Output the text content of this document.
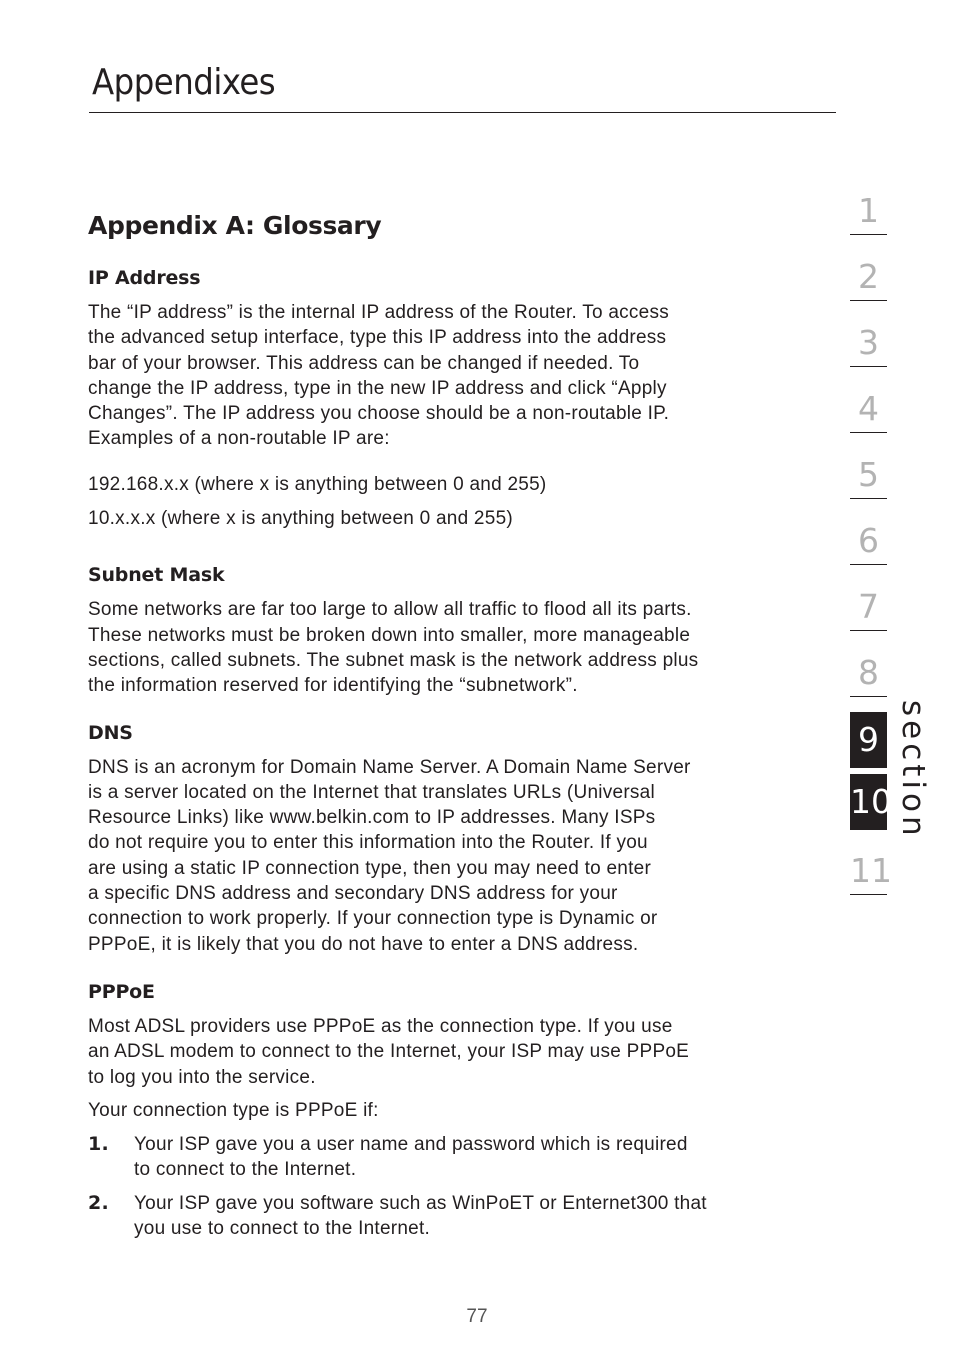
Appendixes
Appendix A: Glossary
IP Address

The “IP address” is the internal IP address of the Router. To access

the advanced setup interface, type this IP address into the address

bar of your browser. This address can be changed if needed. To

change the IP address, type in the new IP address and click “Apply

Changes”. The IP address you choose should be a non-routable IP.

Examples of a non-routable IP are:

192.168.x.x (where x is anything between 0 and 255)

10.x.x.x (where x is anything between 0 and 255)

Subnet Mask

Some networks are far too large to allow all traffic to flood all its parts.

These networks must be broken down into smaller, more manageable

sections, called subnets. The subnet mask is the network address plus

the information reserved for identifying the “subnetwork”.

DNS

DNS is an acronym for Domain Name Server. A Domain Name Server

is a server located on the Internet that translates URLs (Universal

Resource Links) like www.belkin.com to IP addresses. Many ISPs

do not require you to enter this information into the Router. If you

are using a static IP connection type, then you may need to enter

a specific DNS address and secondary DNS address for your

connection to work properly. If your connection type is Dynamic or

PPPoE, it is likely that you do not have to enter a DNS address.

PPPoE

Most ADSL providers use PPPoE as the connection type. If you use

an ADSL modem to connect to the Internet, your ISP may use PPPoE

to log you into the service.

Your connection type is PPPoE if:

1. Your ISP gave you a user name and password which is required
to connect to the Internet.
2. Your ISP gave you software such as WinPoET or Enternet300 that
you use to connect to the Internet.
1
2
3
4
5
6
7
8
9
10
11
section
77
